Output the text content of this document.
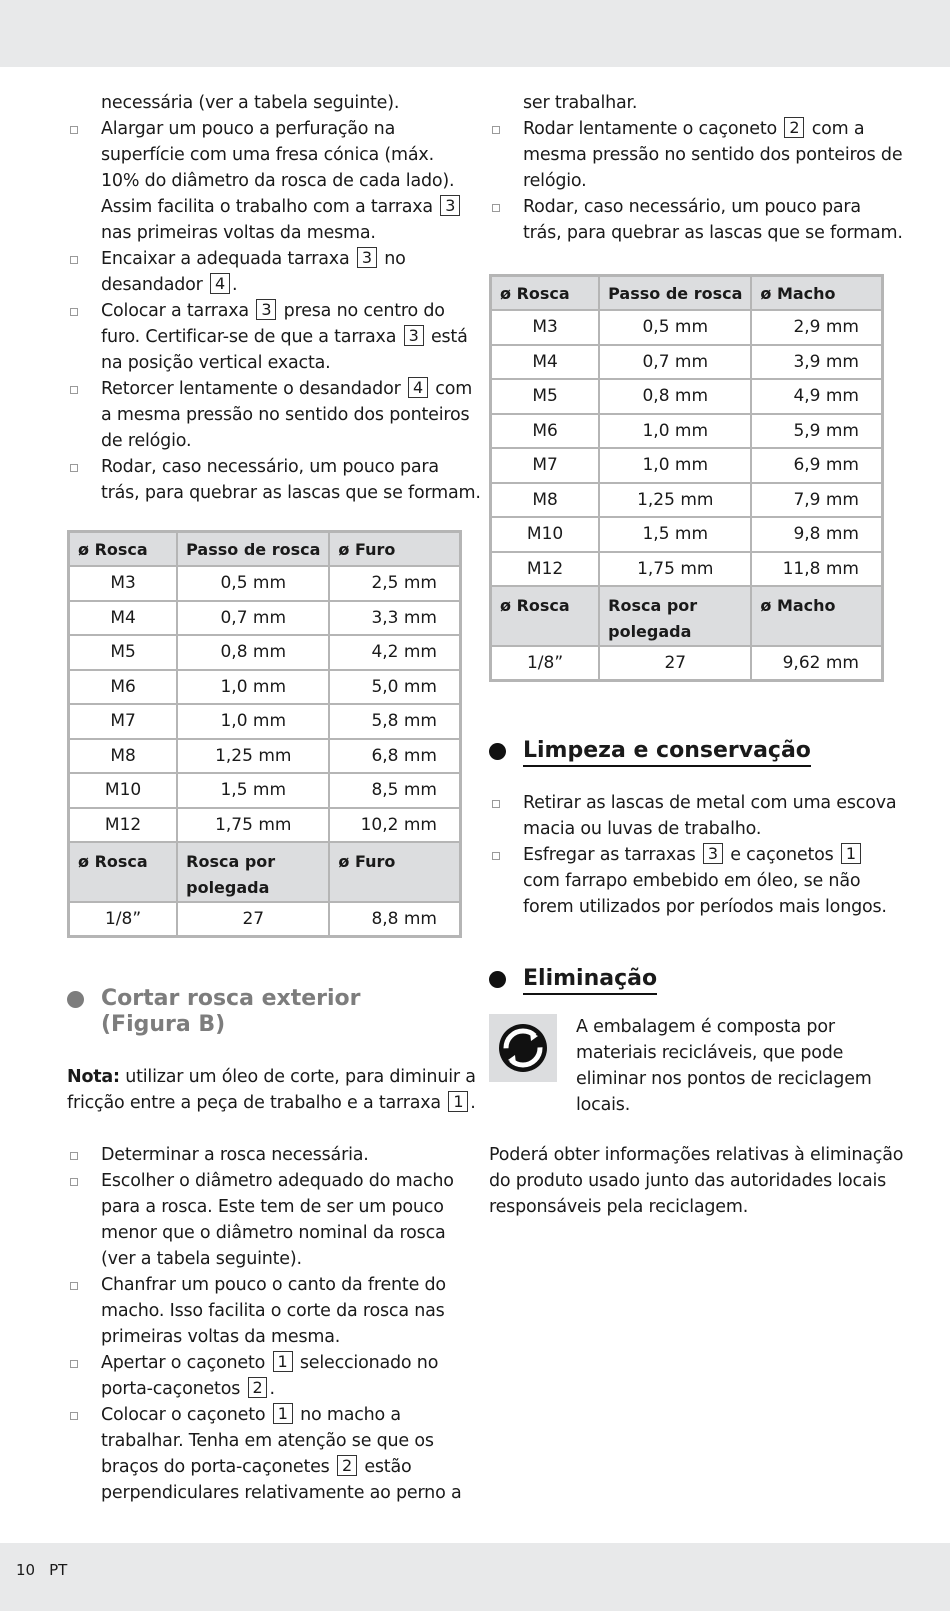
necessária (ver a tabela seguinte).
Alargar um pouco a perfuração na
superfície com uma fresa cónica (máx.
10% do diâmetro da rosca de cada lado).
Assim facilita o trabalho com a tarraxa 3
nas primeiras voltas da mesma.
Encaixar a adequada tarraxa 3 no
desandador 4 .
Colocar a tarraxa 3 presa no centro do
furo. Certificar-se de que a tarraxa 3 está
na posição vertical exacta.
Retorcer lentamente o desandador 4 com
a mesma pressão no sentido dos ponteiros
de relógio.
Rodar, caso necessário, um pouco para
trás, para quebrar as lascas que se formam.
ø Rosca	Passo de rosca	ø Furo
M3	0,5 mm	2,5 mm
M4	0,7 mm	3,3 mm
M5	0,8 mm	4,2 mm
M6	1,0 mm	5,0 mm
M7	1,0 mm	5,8 mm
M8	1,25 mm	6,8 mm
M10	1,5 mm	8,5 mm
M12	1,75 mm	10,2 mm
ø Rosca	Rosca por polegada	ø Furo
1/8”	27	8,8 mm
Cortar rosca exterior
(Figura B)
Nota: utilizar um óleo de corte, para diminuir a
fricção entre a peça de trabalho e a tarraxa 1 .
Determinar a rosca necessária.
Escolher o diâmetro adequado do macho
para a rosca. Este tem de ser um pouco
menor que o diâmetro nominal da rosca
(ver a tabela seguinte).
Chanfrar um pouco o canto da frente do
macho. Isso facilita o corte da rosca nas
primeiras voltas da mesma.
Apertar o caçoneto 1 seleccionado no
porta-caçonetos 2 .
Colocar o caçoneto 1 no macho a
trabalhar. Tenha em atenção se que os
braços do porta-caçonetes 2 estão
perpendiculares relativamente ao perno a
ser trabalhar.
Rodar lentamente o caçoneto 2 com a
mesma pressão no sentido dos ponteiros de
relógio.
Rodar, caso necessário, um pouco para
trás, para quebrar as lascas que se formam.
ø Rosca	Passo de rosca	ø Macho
M3	0,5 mm	2,9 mm
M4	0,7 mm	3,9 mm
M5	0,8 mm	4,9 mm
M6	1,0 mm	5,9 mm
M7	1,0 mm	6,9 mm
M8	1,25 mm	7,9 mm
M10	1,5 mm	9,8 mm
M12	1,75 mm	11,8 mm
ø Rosca	Rosca por polegada	ø Macho
1/8”	27	9,62 mm
Limpeza e conservação
Retirar as lascas de metal com uma escova
macia ou luvas de trabalho.
Esfregar as tarraxas 3 e caçonetos 1
com farrapo embebido em óleo, se não
forem utilizados por períodos mais longos.
Eliminação
A embalagem é composta por
materiais recicláveis, que pode
eliminar nos pontos de reciclagem
locais.
Poderá obter informações relativas à eliminação
do produto usado junto das autoridades locais
responsáveis pela reciclagem.
10 PT
